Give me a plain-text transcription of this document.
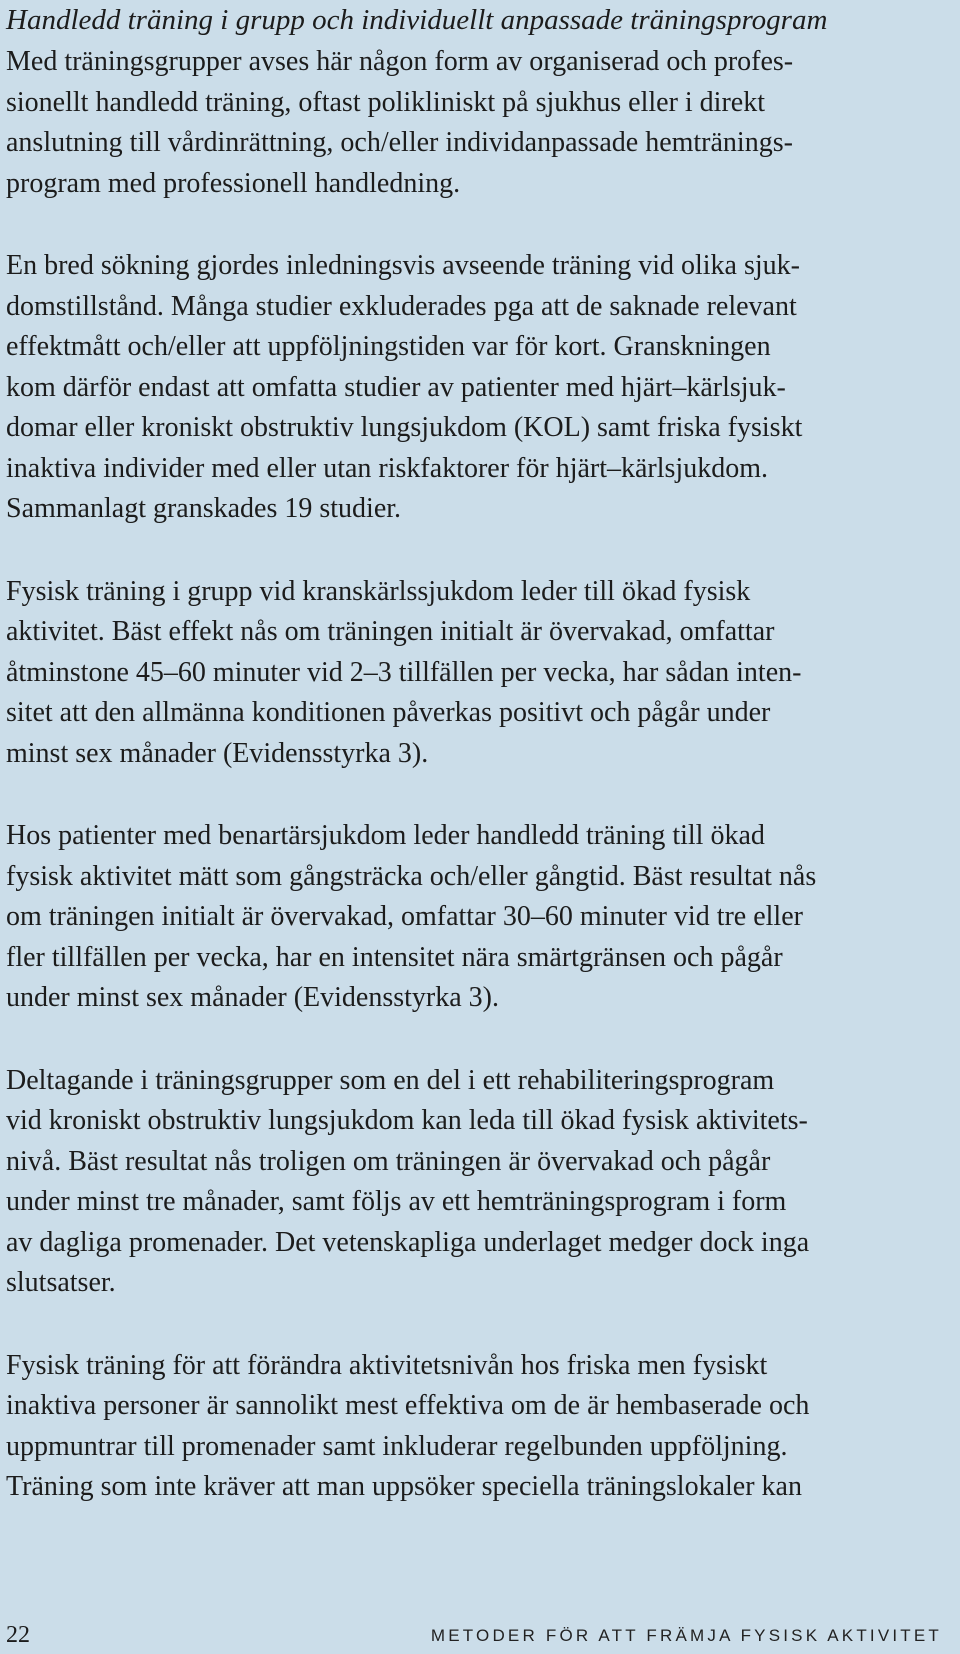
Handledd träning i grupp och individuellt anpassade träningsprogram
Med träningsgrupper avses här någon form av organiserad och profes-
sionellt handledd träning, oftast polikliniskt på sjukhus eller i direkt
anslutning till vårdinrättning, och/eller individanpassade hemtränings-
program med professionell handledning.
En bred sökning gjordes inledningsvis avseende träning vid olika sjuk-
domstillstånd. Många studier exkluderades pga att de saknade relevant
effektmått och/eller att uppföljningstiden var för kort. Granskningen
kom därför endast att omfatta studier av patienter med hjärt–kärlsjuk-
domar eller kroniskt obstruktiv lungsjukdom (KOL) samt friska fysiskt
inaktiva individer med eller utan riskfaktorer för hjärt–kärlsjukdom.
Sammanlagt granskades 19 studier.
Fysisk träning i grupp vid kranskärlssjukdom leder till ökad fysisk
aktivitet. Bäst effekt nås om träningen initialt är övervakad, omfattar
åtminstone 45–60 minuter vid 2–3 tillfällen per vecka, har sådan inten-
sitet att den allmänna konditionen påverkas positivt och pågår under
minst sex månader (Evidensstyrka 3).
Hos patienter med benartärsjukdom leder handledd träning till ökad
fysisk aktivitet mätt som gångsträcka och/eller gångtid. Bäst resultat nås
om träningen initialt är övervakad, omfattar 30–60 minuter vid tre eller
fler tillfällen per vecka, har en intensitet nära smärtgränsen och pågår
under minst sex månader (Evidensstyrka 3).
Deltagande i träningsgrupper som en del i ett rehabiliteringsprogram
vid kroniskt obstruktiv lungsjukdom kan leda till ökad fysisk aktivitets-
nivå. Bäst resultat nås troligen om träningen är övervakad och pågår
under minst tre månader, samt följs av ett hemträningsprogram i form
av dagliga promenader. Det vetenskapliga underlaget medger dock inga
slutsatser.
Fysisk träning för att förändra aktivitetsnivån hos friska men fysiskt
inaktiva personer är sannolikt mest effektiva om de är hembaserade och
uppmuntrar till promenader samt inkluderar regelbunden uppföljning.
Träning som inte kräver att man uppsöker speciella träningslokaler kan
22	METODER FÖR ATT FRÄMJA FYSISK AKTIVITET
